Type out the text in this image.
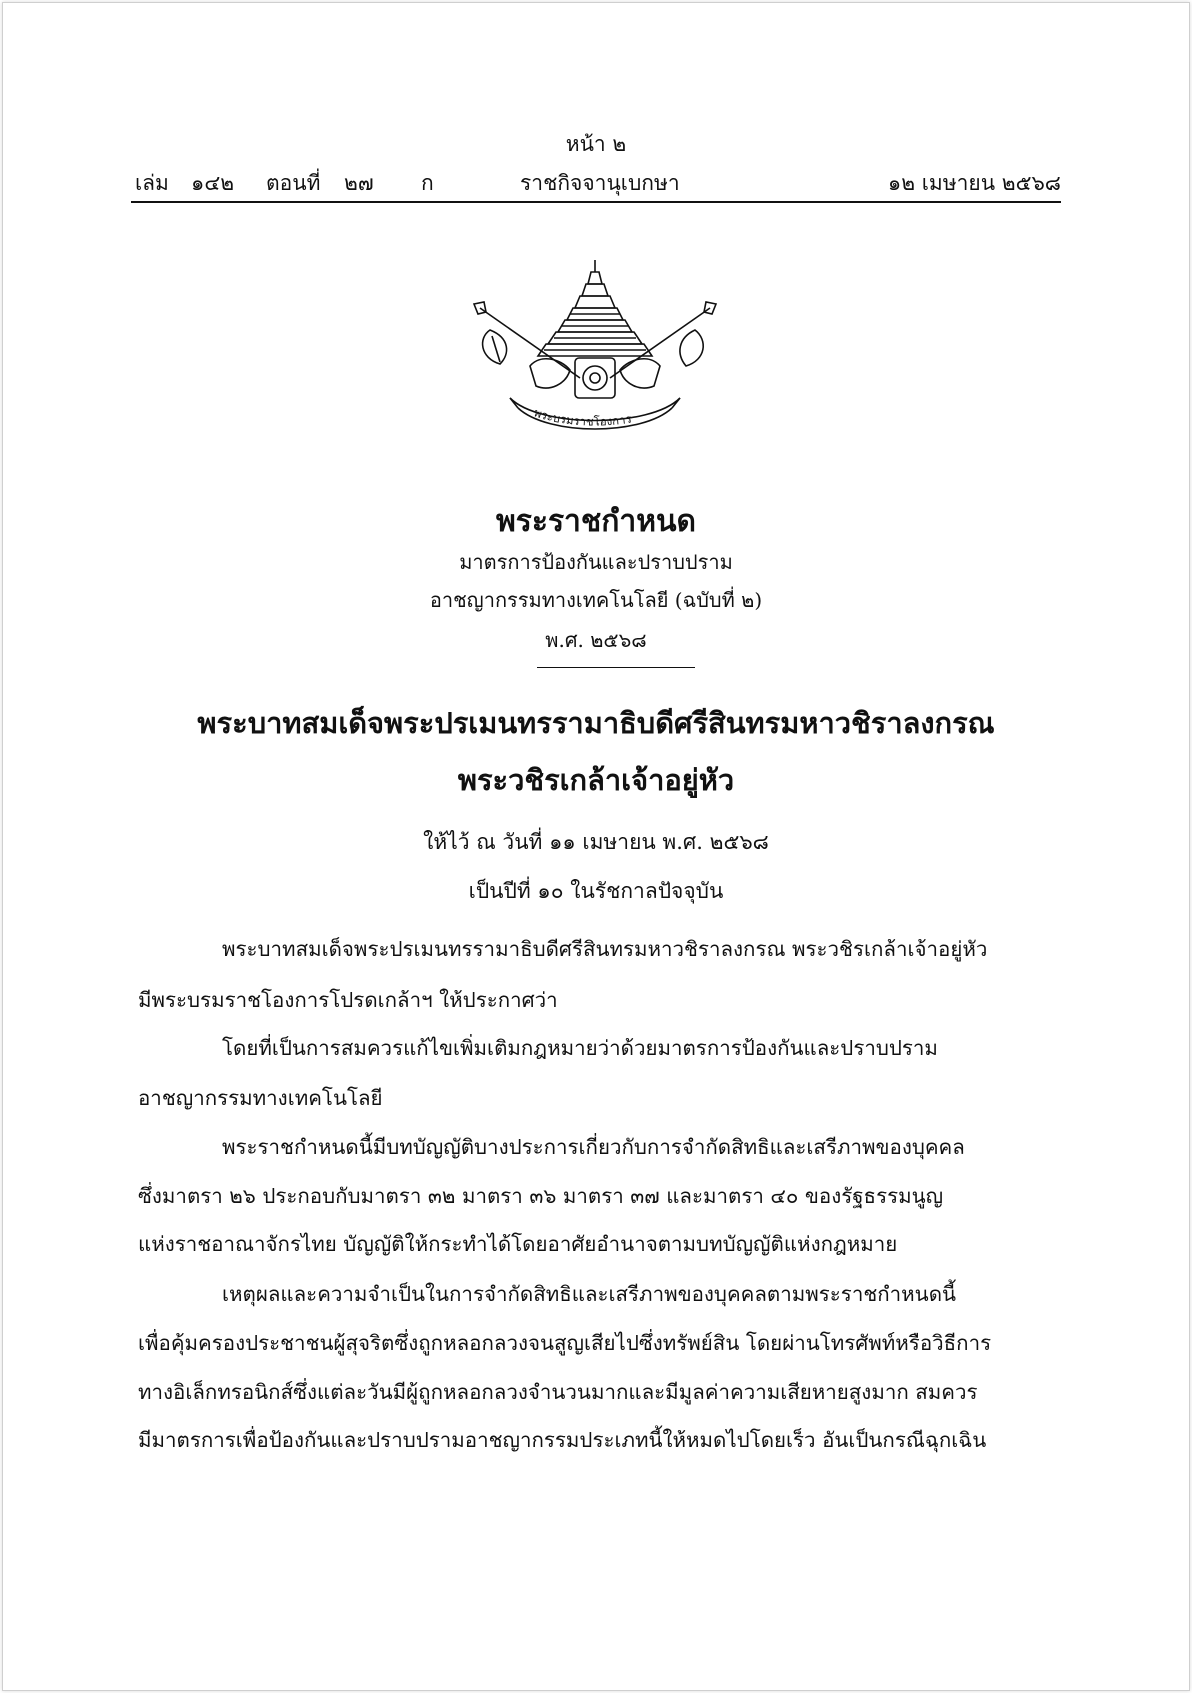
หน้า ๒
เล่ม ๑๔๒ ตอนที่ ๒๗ ก	ราชกิจจานุเบกษา	๑๒ เมษายน ๒๕๖๘
พระบรมราชโองการ
พระราชกำหนด
มาตรการป้องกันและปราบปราม
อาชญากรรมทางเทคโนโลยี (ฉบับที่ ๒)
พ.ศ. ๒๕๖๘
พระบาทสมเด็จพระปรเมนทรรามาธิบดีศรีสินทรมหาวชิราลงกรณ
พระวชิรเกล้าเจ้าอยู่หัว
ให้ไว้ ณ วันที่ ๑๑ เมษายน พ.ศ. ๒๕๖๘
เป็นปีที่ ๑๐ ในรัชกาลปัจจุบัน
พระบาทสมเด็จพระปรเมนทรรามาธิบดีศรีสินทรมหาวชิราลงกรณ พระวชิรเกล้าเจ้าอยู่หัว
มีพระบรมราชโองการโปรดเกล้าฯ ให้ประกาศว่า
โดยที่เป็นการสมควรแก้ไขเพิ่มเติมกฎหมายว่าด้วยมาตรการป้องกันและปราบปราม
อาชญากรรมทางเทคโนโลยี
พระราชกำหนดนี้มีบทบัญญัติบางประการเกี่ยวกับการจำกัดสิทธิและเสรีภาพของบุคคล
ซึ่งมาตรา ๒๖ ประกอบกับมาตรา ๓๒ มาตรา ๓๖ มาตรา ๓๗ และมาตรา ๔๐ ของรัฐธรรมนูญ
แห่งราชอาณาจักรไทย บัญญัติให้กระทำได้โดยอาศัยอำนาจตามบทบัญญัติแห่งกฎหมาย
เหตุผลและความจำเป็นในการจำกัดสิทธิและเสรีภาพของบุคคลตามพระราชกำหนดนี้
เพื่อคุ้มครองประชาชนผู้สุจริตซึ่งถูกหลอกลวงจนสูญเสียไปซึ่งทรัพย์สิน โดยผ่านโทรศัพท์หรือวิธีการ
ทางอิเล็กทรอนิกส์ซึ่งแต่ละวันมีผู้ถูกหลอกลวงจำนวนมากและมีมูลค่าความเสียหายสูงมาก สมควร
มีมาตรการเพื่อป้องกันและปราบปรามอาชญากรรมประเภทนี้ให้หมดไปโดยเร็ว อันเป็นกรณีฉุกเฉิน
